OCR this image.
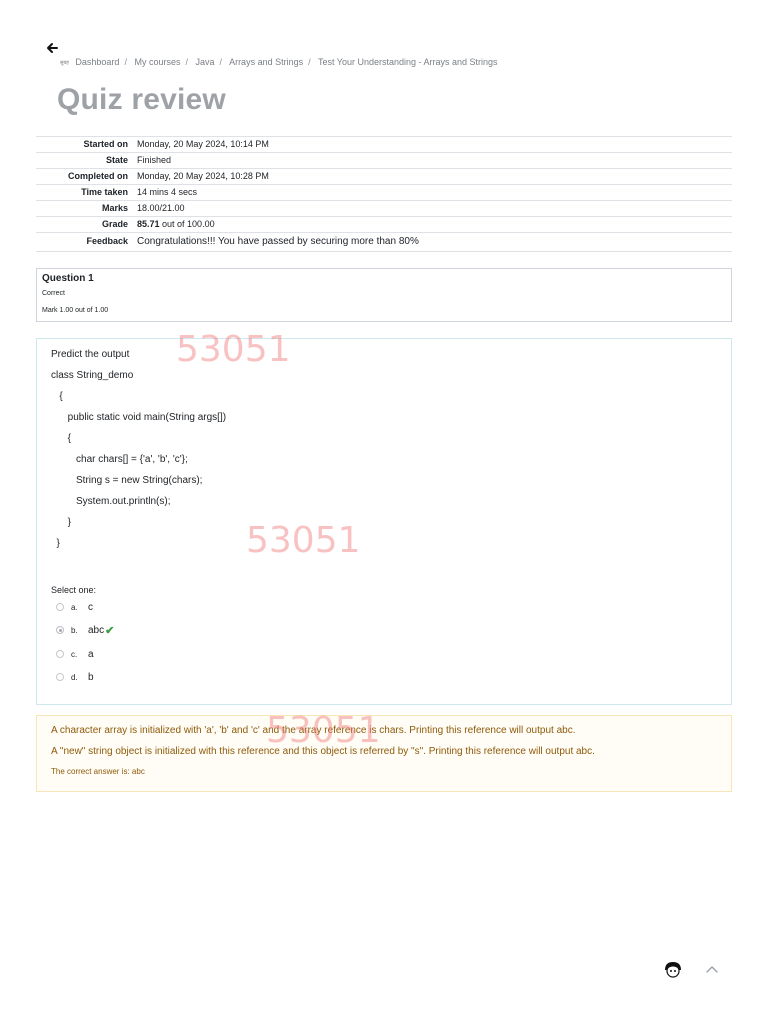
सुबह Dashboard / My courses / Java / Arrays and Strings / Test Your Understanding - Arrays and Strings
Quiz review
Started on	Monday, 20 May 2024, 10:14 PM
State	Finished
Completed on	Monday, 20 May 2024, 10:28 PM
Time taken	14 mins 4 secs
Marks	18.00/21.00
Grade	85.71 out of 100.00
Feedback	Congratulations!!! You have passed by securing more than 80%
Question 1
Correct
Mark 1.00 out of 1.00
Predict the output
class String_demo
{
public static void main(String args[])
{
char chars[] = {'a', 'b', 'c'};
String s = new String(chars);
System.out.println(s);
}
}
Select one:
a.	c
b.	abc ✔
c.	a
d.	b
A character array is initialized with 'a', 'b' and 'c' and the array reference is chars. Printing this reference will output abc.
A "new" string object is initialized with this reference and this object is referred by "s". Printing this reference will output abc.
The correct answer is: abc
53051
53051
53051
